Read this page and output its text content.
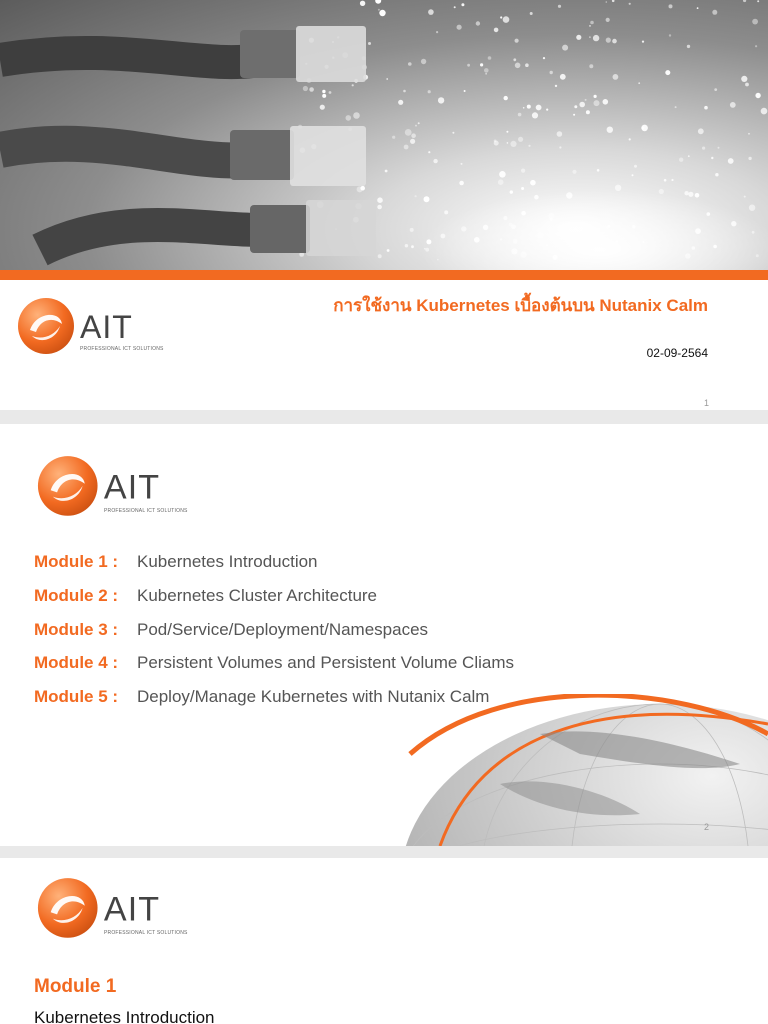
AIT
PROFESSIONAL ICT SOLUTIONS
การใช้งาน Kubernetes เบื้องต้นบน Nutanix Calm
02-09-2564
1
AIT
PROFESSIONAL ICT SOLUTIONS
Module 1 : Kubernetes Introduction
Module 2 : Kubernetes Cluster Architecture
Module 3 : Pod/Service/Deployment/Namespaces
Module 4 : Persistent Volumes and Persistent Volume Cliams
Module 5 : Deploy/Manage Kubernetes with Nutanix Calm
2
AIT
PROFESSIONAL ICT SOLUTIONS
Module 1
Kubernetes Introduction
